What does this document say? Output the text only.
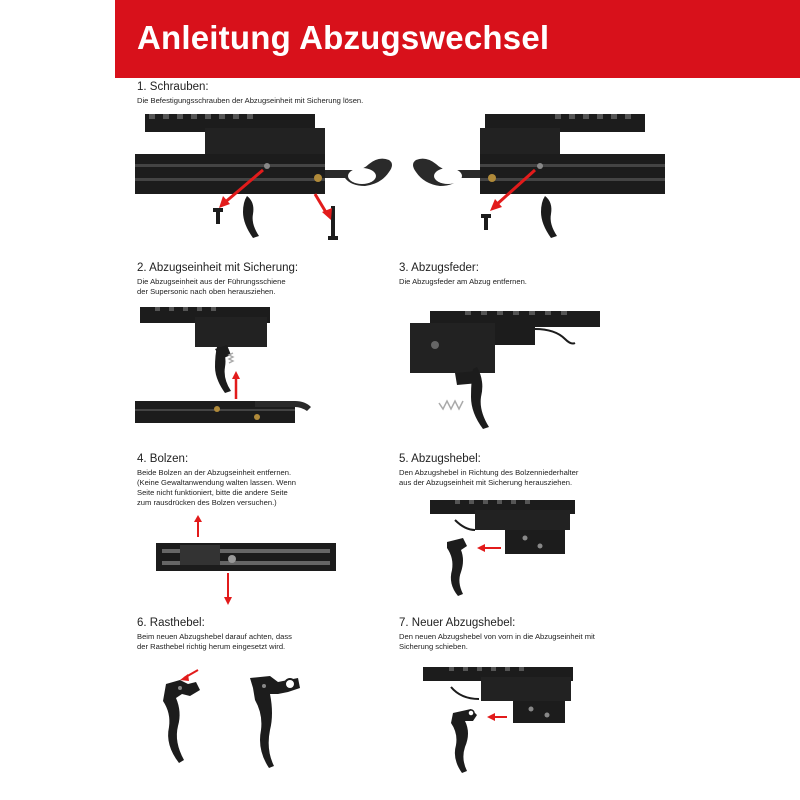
Anleitung Abzugswechsel
1. Schrauben:

Die Befestigungsschrauben der Abzugseinheit mit Sicherung lösen.

2. Abzugseinheit mit Sicherung:

Die Abzugseinheit aus der Führungsschiene
der Supersonic nach oben herausziehen.

3. Abzugsfeder:

Die Abzugsfeder am Abzug entfernen.

4. Bolzen:

Beide Bolzen an der Abzugseinheit entfernen.
(Keine Gewaltanwendung walten lassen. Wenn
Seite nicht funktioniert, bitte die andere Seite
zum rausdrücken des Bolzen versuchen.)

5. Abzugshebel:

Den Abzugshebel in Richtung des Bolzenniederhalter
aus der Abzugseinheit mit Sicherung herausziehen.

6. Rasthebel:

Beim neuen Abzugshebel darauf achten, dass
der Rasthebel richtig herum eingesetzt wird.

7. Neuer Abzugshebel:

Den neuen Abzugshebel von vorn in die Abzugseinheit mit
Sicherung schieben.
